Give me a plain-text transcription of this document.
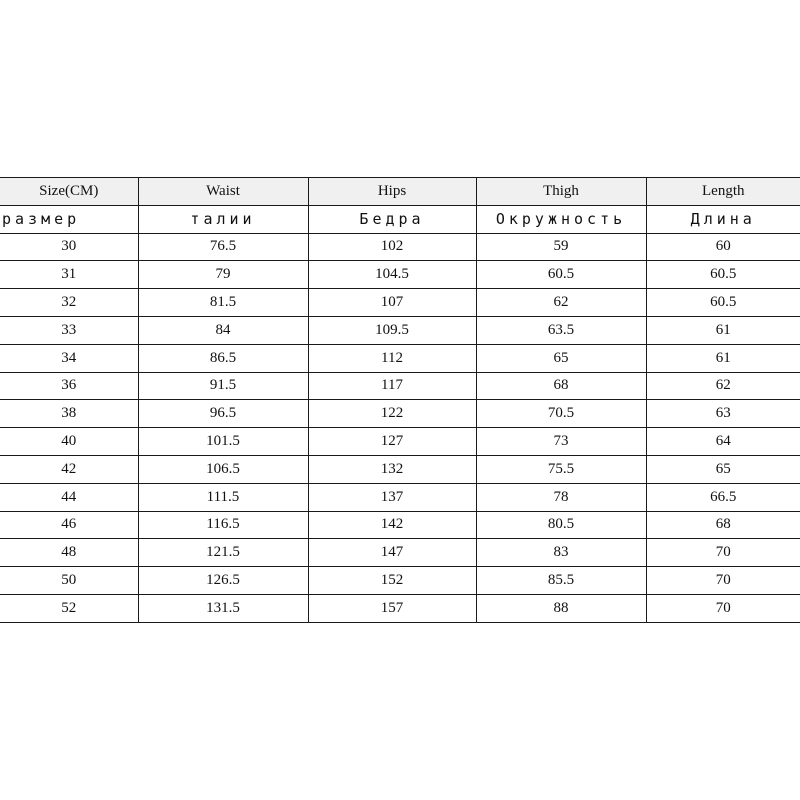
Size(CM)	Waist	Hips	Thigh	Length
размер	талии	Бедра	Окружность	Длина
30	76.5	102	59	60
31	79	104.5	60.5	60.5
32	81.5	107	62	60.5
33	84	109.5	63.5	61
34	86.5	112	65	61
36	91.5	117	68	62
38	96.5	122	70.5	63
40	101.5	127	73	64
42	106.5	132	75.5	65
44	111.5	137	78	66.5
46	116.5	142	80.5	68
48	121.5	147	83	70
50	126.5	152	85.5	70
52	131.5	157	88	70
